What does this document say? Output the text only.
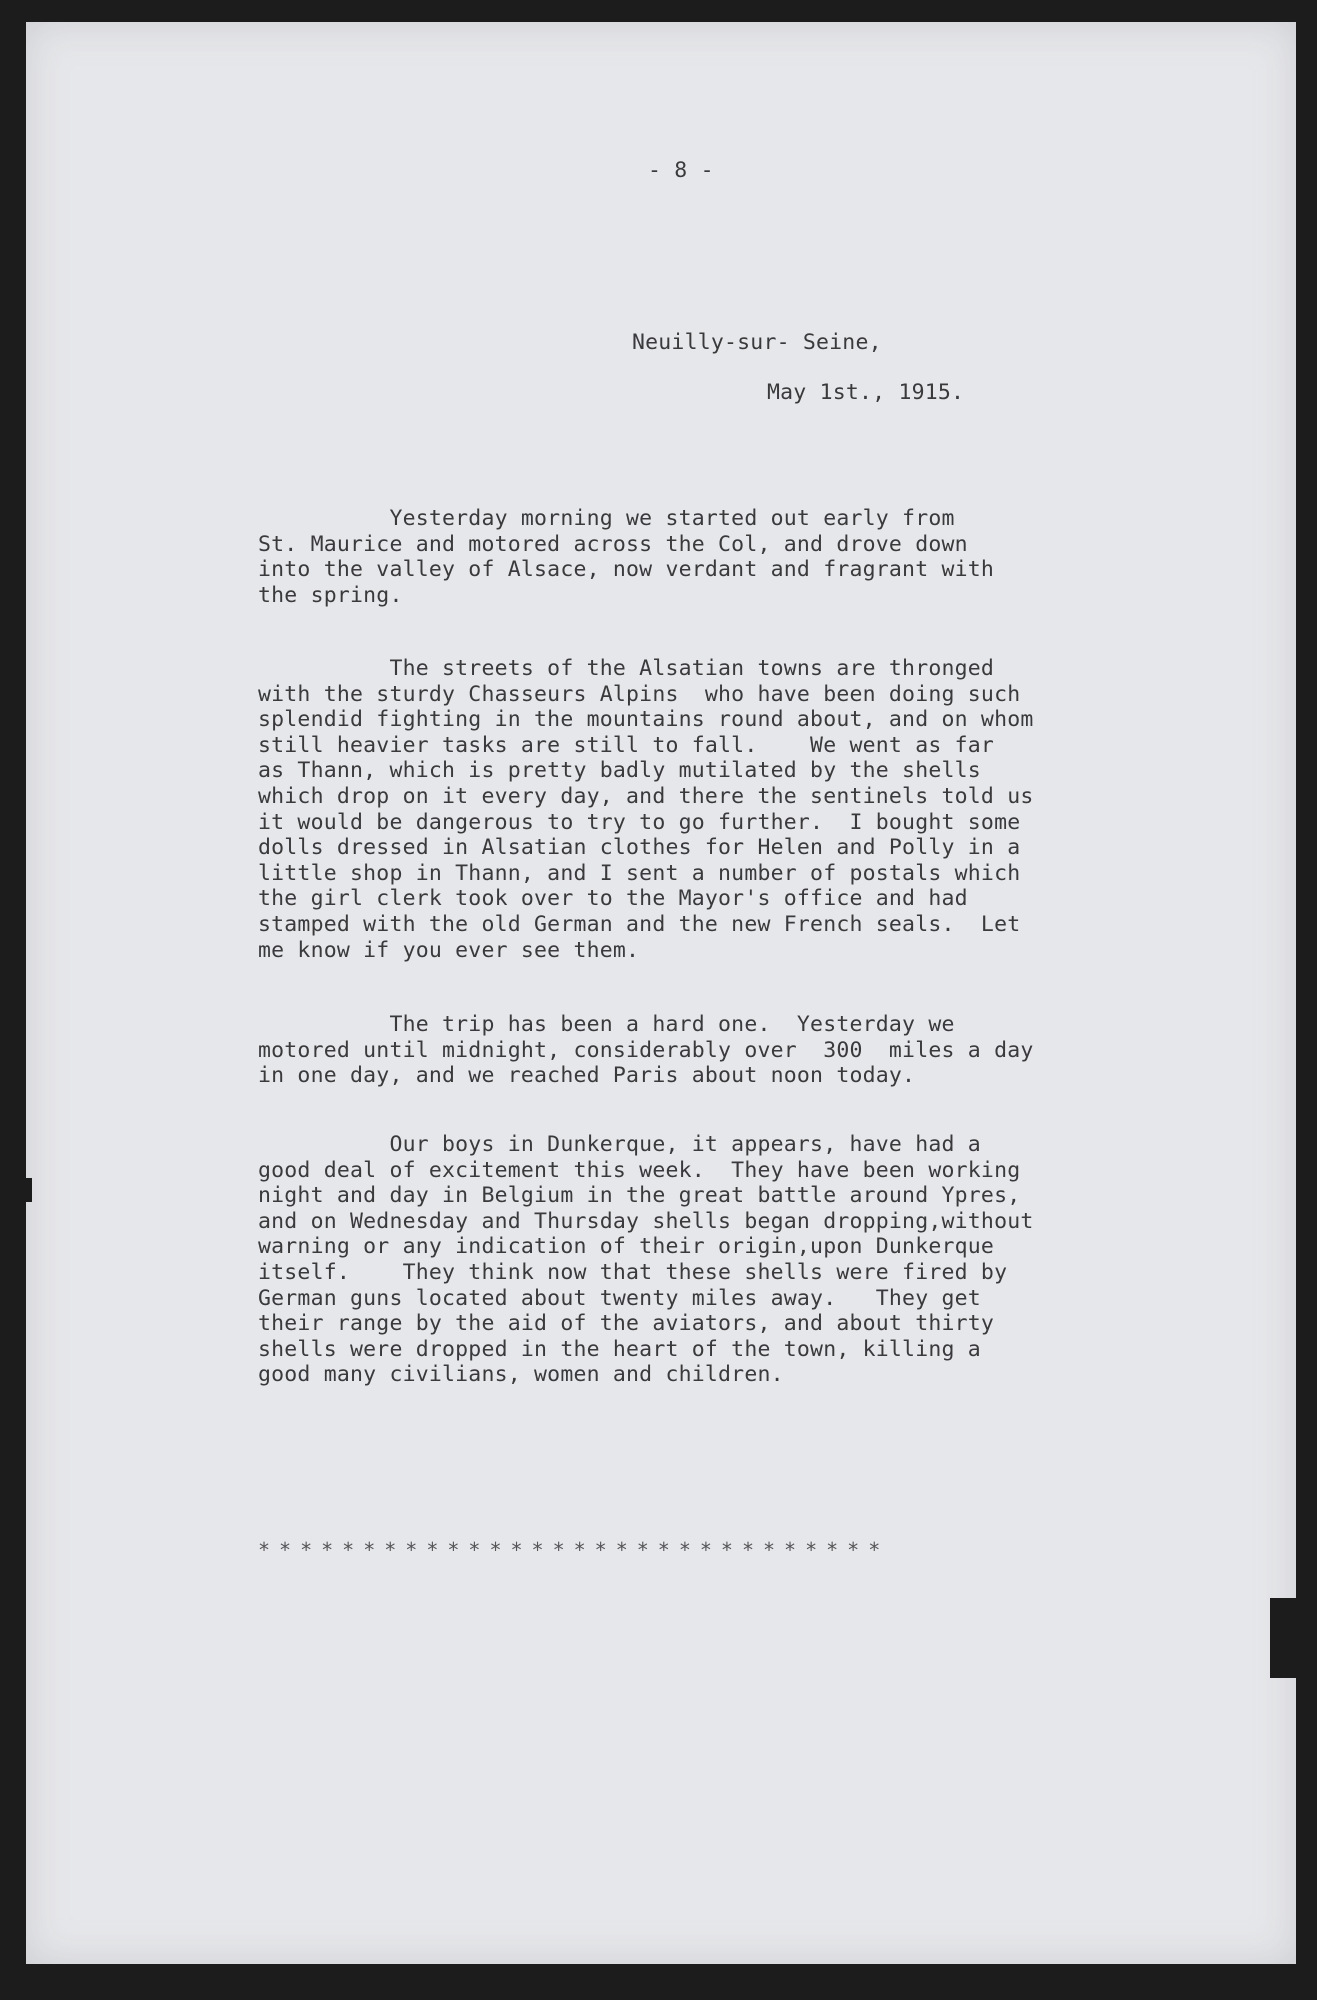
- 8 -
Neuilly-sur- Seine,
May 1st., 1915.
Yesterday morning we started out early from
St. Maurice and motored across the Col, and drove down
into the valley of Alsace, now verdant and fragrant with
the spring.
The streets of the Alsatian towns are thronged
with the sturdy Chasseurs Alpins  who have been doing such
splendid fighting in the mountains round about, and on whom
still heavier tasks are still to fall.    We went as far
as Thann, which is pretty badly mutilated by the shells
which drop on it every day, and there the sentinels told us
it would be dangerous to try to go further.  I bought some
dolls dressed in Alsatian clothes for Helen and Polly in a
little shop in Thann, and I sent a number of postals which
the girl clerk took over to the Mayor's office and had
stamped with the old German and the new French seals.  Let
me know if you ever see them.
The trip has been a hard one.  Yesterday we
motored until midnight, considerably over  300  miles a day
in one day, and we reached Paris about noon today.
Our boys in Dunkerque, it appears, have had a
good deal of excitement this week.  They have been working
night and day in Belgium in the great battle around Ypres,
and on Wednesday and Thursday shells began dropping,without
warning or any indication of their origin,upon Dunkerque
itself.    They think now that these shells were fired by
German guns located about twenty miles away.   They get
their range by the aid of the aviators, and about thirty
shells were dropped in the heart of the town, killing a
good many civilians, women and children.
******************************
